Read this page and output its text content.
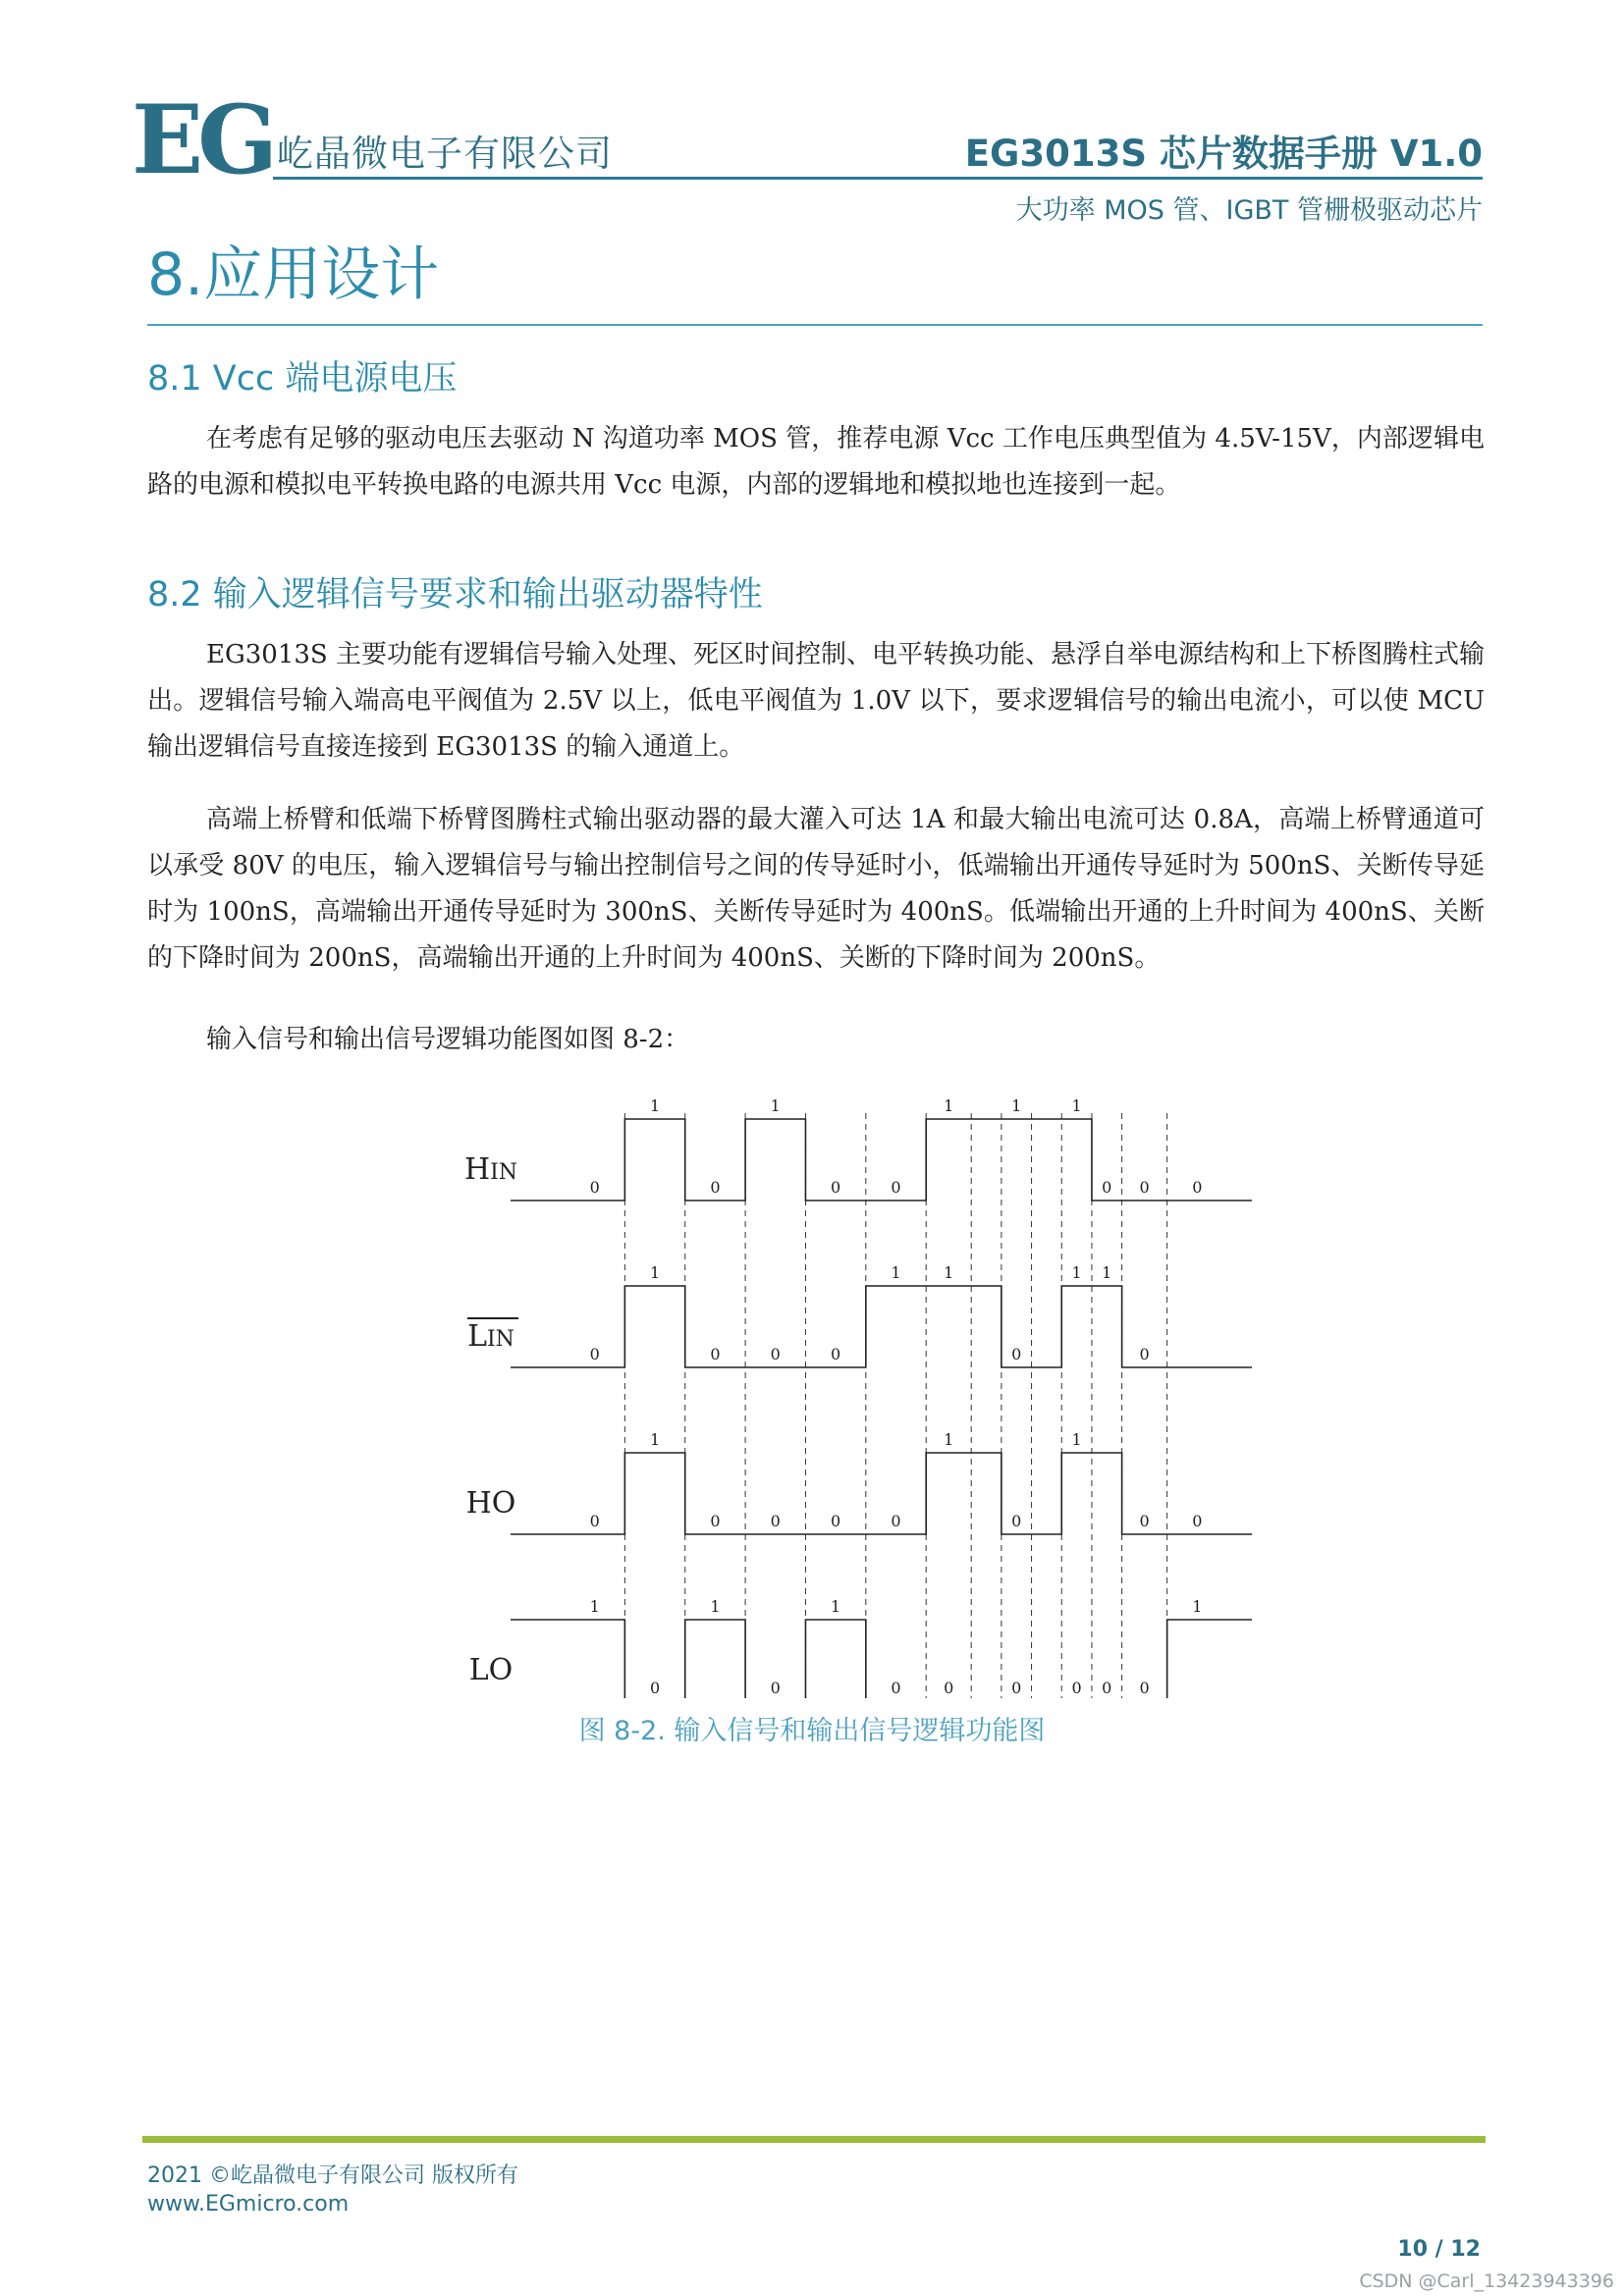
EG 屹晶微电子有限公司	EG3013S 芯片数据手册 V1.0
大功率 MOS 管、IGBT 管栅极驱动芯片
8.应用设计
8.1 Vcc 端电源电压
在考虑有足够的驱动电压去驱动 N 沟道功率 MOS 管，推荐电源 Vcc 工作电压典型值为 4.5V-15V，内部逻辑电路的电源和模拟电平转换电路的电源共用 Vcc 电源，内部的逻辑地和模拟地也连接到一起。
8.2 输入逻辑信号要求和输出驱动器特性
EG3013S 主要功能有逻辑信号输入处理、死区时间控制、电平转换功能、悬浮自举电源结构和上下桥图腾柱式输出。逻辑信号输入端高电平阀值为 2.5V 以上，低电平阀值为 1.0V 以下，要求逻辑信号的输出电流小，可以使 MCU 输出逻辑信号直接连接到 EG3013S 的输入通道上。
高端上桥臂和低端下桥臂图腾柱式输出驱动器的最大灌入可达 1A 和最大输出电流可达 0.8A，高端上桥臂通道可以承受 80V 的电压，输入逻辑信号与输出控制信号之间的传导延时小，低端输出开通传导延时为 500nS、关断传导延时为 100nS，高端输出开通传导延时为 300nS、关断传导延时为 400nS。低端输出开通的上升时间为 400nS、关断的下降时间为 200nS，高端输出开通的上升时间为 400nS、关断的下降时间为 200nS。
输入信号和输出信号逻辑功能图如图 8-2：
HIN
0
1
0
1
0	0
1	1	1
0 0	0
LIN
0
1
0	0	0
1	1
0
1 1
0
HO
0
1
0	0	0	0
1
0
1
0	0
LO
1
0
1
0
1
0	0	0	0 0 0
1
图 8-2. 输入信号和输出信号逻辑功能图
2021 ©屹晶微电子有限公司 版权所有
www.EGmicro.com
10 / 12
CSDN @Carl_13423943396
